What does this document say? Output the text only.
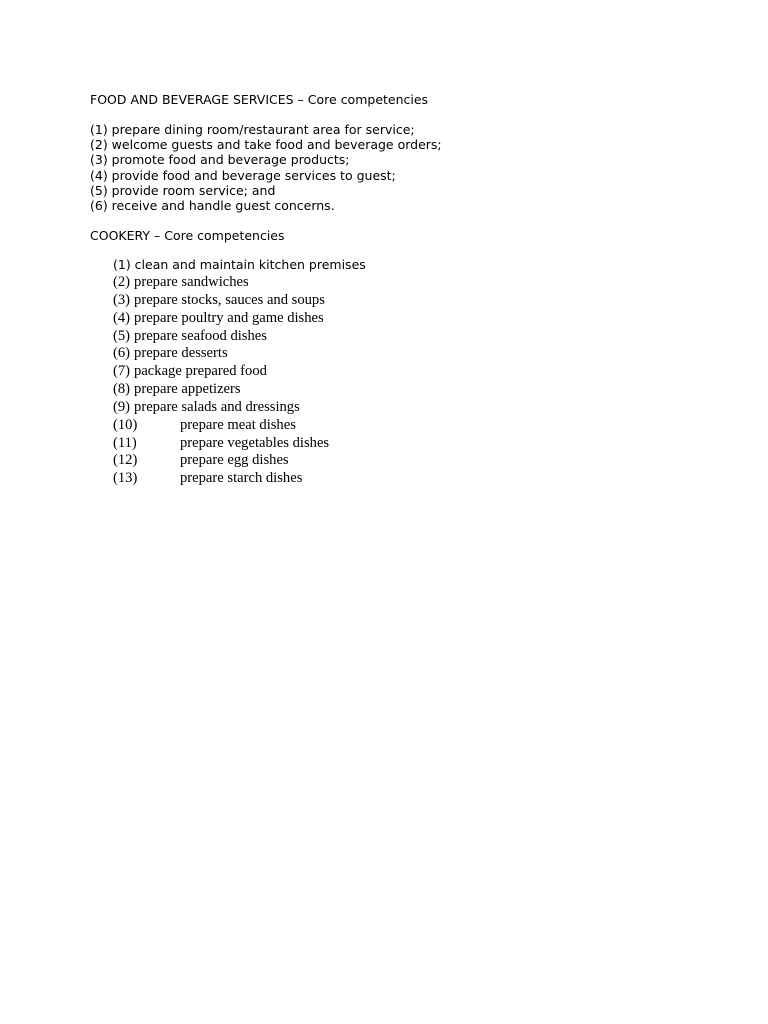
FOOD AND BEVERAGE SERVICES – Core competencies
(1) prepare dining room/restaurant area for service;
(2) welcome guests and take food and beverage orders;
(3) promote food and beverage products;
(4) provide food and beverage services to guest;
(5) provide room service; and
(6) receive and handle guest concerns.
COOKERY – Core competencies
(1) clean and maintain kitchen premises
(2) prepare sandwiches
(3) prepare stocks, sauces and soups
(4) prepare poultry and game dishes
(5) prepare seafood dishes
(6) prepare desserts
(7) package prepared food
(8) prepare appetizers
(9) prepare salads and dressings
(10)	prepare meat dishes
(11)	prepare vegetables dishes
(12)	prepare egg dishes
(13)	prepare starch dishes
